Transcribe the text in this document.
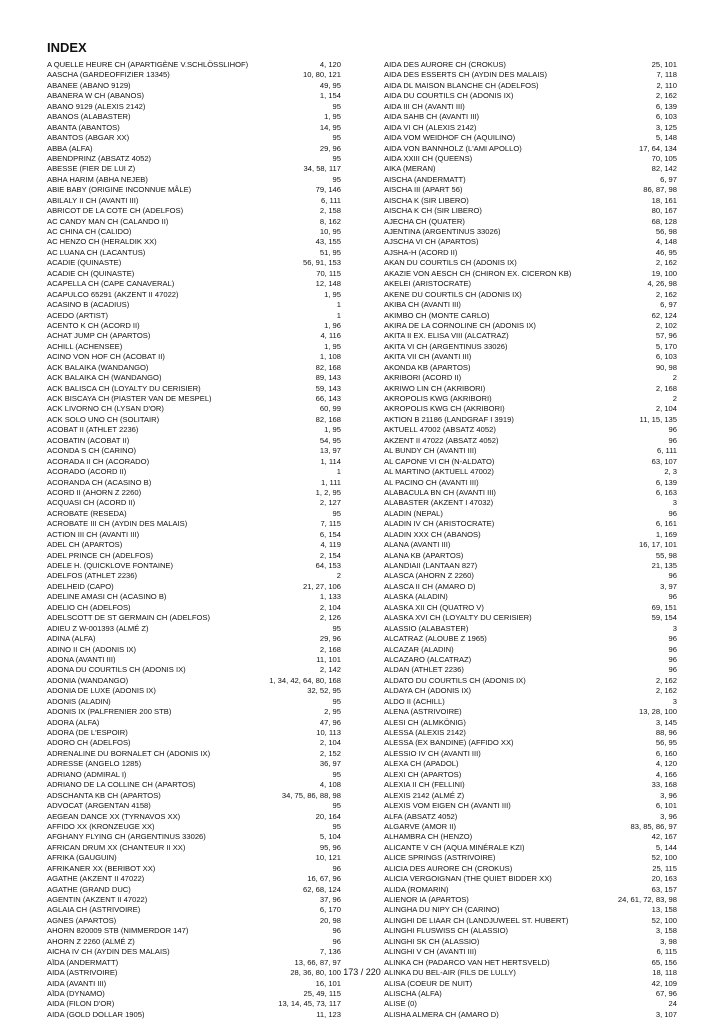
INDEX
A QUELLE HEURE CH (APARTIGÈNE V.SCHLÖSSLIHOF)	4, 120
AASCHA (GARDEOFFIZIER 13345)	10, 80, 121
ABANEE (ABANO 9129)	49, 95
ABANERA W CH (ABANOS)	1, 154
ABANO 9129 (ALEXIS 2142)	95
ABANOS (ALABASTER)	1, 95
ABANTA (ABANTOS)	14, 95
ABANTOS (ABGAR XX)	95
ABBA (ALFA)	29, 96
ABENDPRINZ (ABSATZ 4052)	95
ABESSE (FIER DE LUI Z)	34, 58, 117
ABHA HARIM (ABHA NEJEB)	95
ABIE BABY (ORIGINE INCONNUE MÂLE)	79, 146
ABILALY II CH (AVANTI III)	6, 111
ABRICOT DE LA COTE CH (ADELFOS)	2, 158
AC CANDY MAN CH (CALANDO II)	8, 162
AC CHINA CH (CALIDO)	10, 95
AC HENZO CH (HERALDIK XX)	43, 155
AC LUANA CH (LACANTUS)	51, 95
ACADIE (QUINASTE)	56, 91, 153
ACADIE CH (QUINASTE)	70, 115
ACAPELLA CH (CAPE CANAVERAL)	12, 148
ACAPULCO 65291 (AKZENT II 47022)	1, 95
ACASINO B (ACADIUS)	1
ACEDO (ARTIST)	1
ACENTO K CH (ACORD II)	1, 96
ACHAT JUMP CH (APARTOS)	4, 116
ACHILL (ACHENSEE)	1, 95
ACINO VON HOF CH (ACOBAT II)	1, 108
ACK BALAIKA (WANDANGO)	82, 168
ACK BALAIKA CH (WANDANGO)	89, 143
ACK BALISCA CH (LOYALTY DU CERISIER)	59, 143
ACK BISCAYA CH (PIASTER VAN DE MESPEL)	66, 143
ACK LIVORNO CH (LYSAN D'OR)	60, 99
ACK SOLO UNO CH (SOLITAIR)	82, 168
ACOBAT II (ATHLET 2236)	1, 95
ACOBATIN (ACOBAT II)	54, 95
ACONDA S CH (CARINO)	13, 97
ACORADA II CH (ACORADO)	1, 114
ACORADO (ACORD II)	1
ACORANDA CH (ACASINO B)	1, 111
ACORD II (AHORN Z 2260)	1, 2, 95
ACQUASI CH (ACORD II)	2, 127
ACROBATE (RESEDA)	95
ACROBATE III CH (AYDIN DES MALAIS)	7, 115
ACTION III CH (AVANTI III)	6, 154
ADEL CH (APARTOS)	4, 119
ADEL PRINCE CH (ADELFOS)	2, 154
ADELE H. (QUICKLOVE FONTAINE)	64, 153
ADELFOS (ATHLET 2236)	2
ADELHEID (CAPO)	21, 27, 106
ADELINE AMASI CH (ACASINO B)	1, 133
ADELIO CH (ADELFOS)	2, 104
ADELSCOTT DE ST GERMAIN CH (ADELFOS)	2, 126
ADIEU Z W-001393 (ALMÉ Z)	95
ADINA (ALFA)	29, 96
ADINO II CH (ADONIS IX)	2, 168
ADONA (AVANTI III)	11, 101
ADONA DU COURTILS CH (ADONIS IX)	2, 142
ADONIA (WANDANGO)	1, 34, 42, 64, 80, 168
ADONIA DE LUXE (ADONIS IX)	32, 52, 95
ADONIS (ALADIN)	95
ADONIS IX (PALFRENIER 200 STB)	2, 95
ADORA (ALFA)	47, 96
ADORA (DE L'ESPOIR)	10, 113
ADORO CH (ADELFOS)	2, 104
ADRENALINE DU BORNALET CH (ADONIS IX)	2, 152
ADRESSE (ANGELO 1285)	36, 97
ADRIANO (ADMIRAL I)	95
ADRIANO DE LA COLLINE CH (APARTOS)	4, 108
ADSCHANTA KB CH (APARTOS)	34, 75, 86, 88, 98
ADVOCAT (ARGENTAN 4158)	95
AEGEAN DANCE XX (TYRNAVOS XX)	20, 164
AFFIDO XX (KRONZEUGE XX)	95
AFGHANY FLYING CH (ARGENTINUS 33026)	5, 104
AFRICAN DRUM XX (CHANTEUR II XX)	95, 96
AFRIKA (GAUGUIN)	10, 121
AFRIKANER XX (BERIBOT XX)	96
AGATHE (AKZENT II 47022)	16, 67, 96
AGATHE (GRAND DUC)	62, 68, 124
AGENTIN (AKZENT II 47022)	37, 96
AGLAIA CH (ASTRIVOIRE)	6, 170
AGNES (APARTOS)	20, 98
AHORN 820009 STB (NIMMERDOR 147)	96
AHORN Z 2260 (ALMÉ Z)	96
AICHA IV CH (AYDIN DES MALAIS)	7, 136
AÏDA (ANDERMATT)	13, 66, 87, 97
AIDA (ASTRIVOIRE)	28, 36, 80, 100
AIDA (AVANTI III)	16, 101
AÏDA (DYNAMO)	25, 49, 115
AIDA (FILON D'OR)	13, 14, 45, 73, 117
AIDA (GOLD DOLLAR 1905)	11, 123
AIDA DES AURORE CH (CROKUS)	25, 101
AIDA DES ESSERTS CH (AYDIN DES MALAIS)	7, 118
AIDA DL MAISON BLANCHE CH (ADELFOS)	2, 110
AIDA DU COURTILS CH (ADONIS IX)	2, 162
AIDA III CH (AVANTI III)	6, 139
AIDA SAHB CH (AVANTI III)	6, 103
AIDA VI CH (ALEXIS 2142)	3, 125
AIDA VOM WEIDHOF CH (AQUILINO)	5, 148
AIDA VON BANNHOLZ (L'AMI APOLLO)	17, 64, 134
AIDA XXIII CH (QUEENS)	70, 105
AIKA (MERAN)	82, 142
AISCHA (ANDERMATT)	6, 97
AISCHA III (APART 56)	86, 87, 98
AISCHA K (SIR LIBERO)	18, 161
AISCHA K CH (SIR LIBERO)	80, 167
AJECHA CH (QUATER)	68, 128
AJENTINA (ARGENTINUS 33026)	56, 98
AJSCHA VI CH (APARTOS)	4, 148
AJSHA-H (ACORD II)	46, 95
AKAN DU COURTILS CH (ADONIS IX)	2, 162
AKAZIE VON AESCH CH (CHIRON EX. CICERON KB)	19, 100
AKELEI (ARISTOCRATE)	4, 26, 98
AKENE DU COURTILS CH (ADONIS IX)	2, 162
AKIBA CH (AVANTI III)	6, 97
AKIMBO CH (MONTE CARLO)	62, 124
AKIRA DE LA CORNOLINE CH (ADONIS IX)	2, 102
AKITA II EX. ELISA VIII (ALCATRAZ)	57, 96
AKITA VI CH (ARGENTINUS 33026)	5, 170
AKITA VII CH (AVANTI III)	6, 103
AKONDA KB (APARTOS)	90, 98
AKRIBORI (ACORD II)	2
AKRIWO LIN CH (AKRIBORI)	2, 168
AKROPOLIS KWG (AKRIBORI)	2
AKROPOLIS KWG CH (AKRIBORI)	2, 104
AKTION B 21186 (LANDGRAF I 3919)	11, 15, 135
AKTUELL 47002 (ABSATZ 4052)	96
AKZENT II 47022 (ABSATZ 4052)	96
AL BUNDY CH (AVANTI III)	6, 111
AL CAPONE VI CH (N-ALDATO)	63, 107
AL MARTINO (AKTUELL 47002)	2, 3
AL PACINO CH (AVANTI III)	6, 139
ALABACULA BN CH (AVANTI III)	6, 163
ALABASTER (AKZENT I 47032)	3
ALADIN (NEPAL)	96
ALADIN IV CH (ARISTOCRATE)	6, 161
ALADIN XXX CH (ABANOS)	1, 169
ALANA (AVANTI III)	16, 17, 101
ALANA KB (APARTOS)	55, 98
ALANDIAII (LANTAAN 827)	21, 135
ALASCA (AHORN Z 2260)	96
ALASCA II CH (AMARO D)	3, 97
ALASKA (ALADIN)	96
ALASKA XII CH (QUATRO V)	69, 151
ALASKA XVI CH (LOYALTY DU CERISIER)	59, 154
ALASSIO (ALABASTER)	3
ALCATRAZ (ALOUBE Z 1965)	96
ALCAZAR (ALADIN)	96
ALCAZARO (ALCATRAZ)	96
ALDAN (ATHLET 2236)	96
ALDATO DU COURTILS CH (ADONIS IX)	2, 162
ALDAYA CH (ADONIS IX)	2, 162
ALDO II (ACHILL)	3
ALENA (ASTRIVOIRE)	13, 28, 100
ALESI CH (ALMKÖNIG)	3, 145
ALESSA (ALEXIS 2142)	88, 96
ALESSA (EX BANDINE) (AFFIDO XX)	56, 95
ALESSIO IV CH (AVANTI III)	6, 160
ALEXA CH (APADOL)	4, 120
ALEXI CH (APARTOS)	4, 166
ALEXIA II CH (FELLINI)	33, 168
ALEXIS 2142 (ALMÉ Z)	3, 96
ALEXIS VOM EIGEN CH (AVANTI III)	6, 101
ALFA (ABSATZ 4052)	3, 96
ALGARVE (AMOR II)	83, 85, 86, 97
ALHAMBRA CH (HENZO)	42, 167
ALICANTE V CH (AQUA MINÉRALE KZI)	5, 144
ALICE SPRINGS (ASTRIVOIRE)	52, 100
ALICIA DES AURORE CH (CROKUS)	25, 115
ALICIA VERGOIGNAN (THE QUIET BIDDER XX)	20, 163
ALIDA (ROMARIN)	63, 157
ALIENOR IA (APARTOS)	24, 61, 72, 83, 98
ALINGHA DU NIPY CH (CARINO)	13, 158
ALINGHI DE LIAAR CH (LANDJUWEEL ST. HUBERT)	52, 100
ALINGHI FLUSWISS CH (ALASSIO)	3, 158
ALINGHI SK CH (ALASSIO)	3, 98
ALINGHI V CH (AVANTI III)	6, 115
ALINKA CH (PADARCO VAN HET HERTSVELD)	65, 156
ALINKA DU BEL-AIR (FILS DE LULLY)	18, 118
ALISA (COEUR DE NUIT)	42, 109
ALISCHA (ALFA)	67, 96
ALISE (0)	24
ALISHA ALMERA CH (AMARO D)	3, 107
173 / 220
